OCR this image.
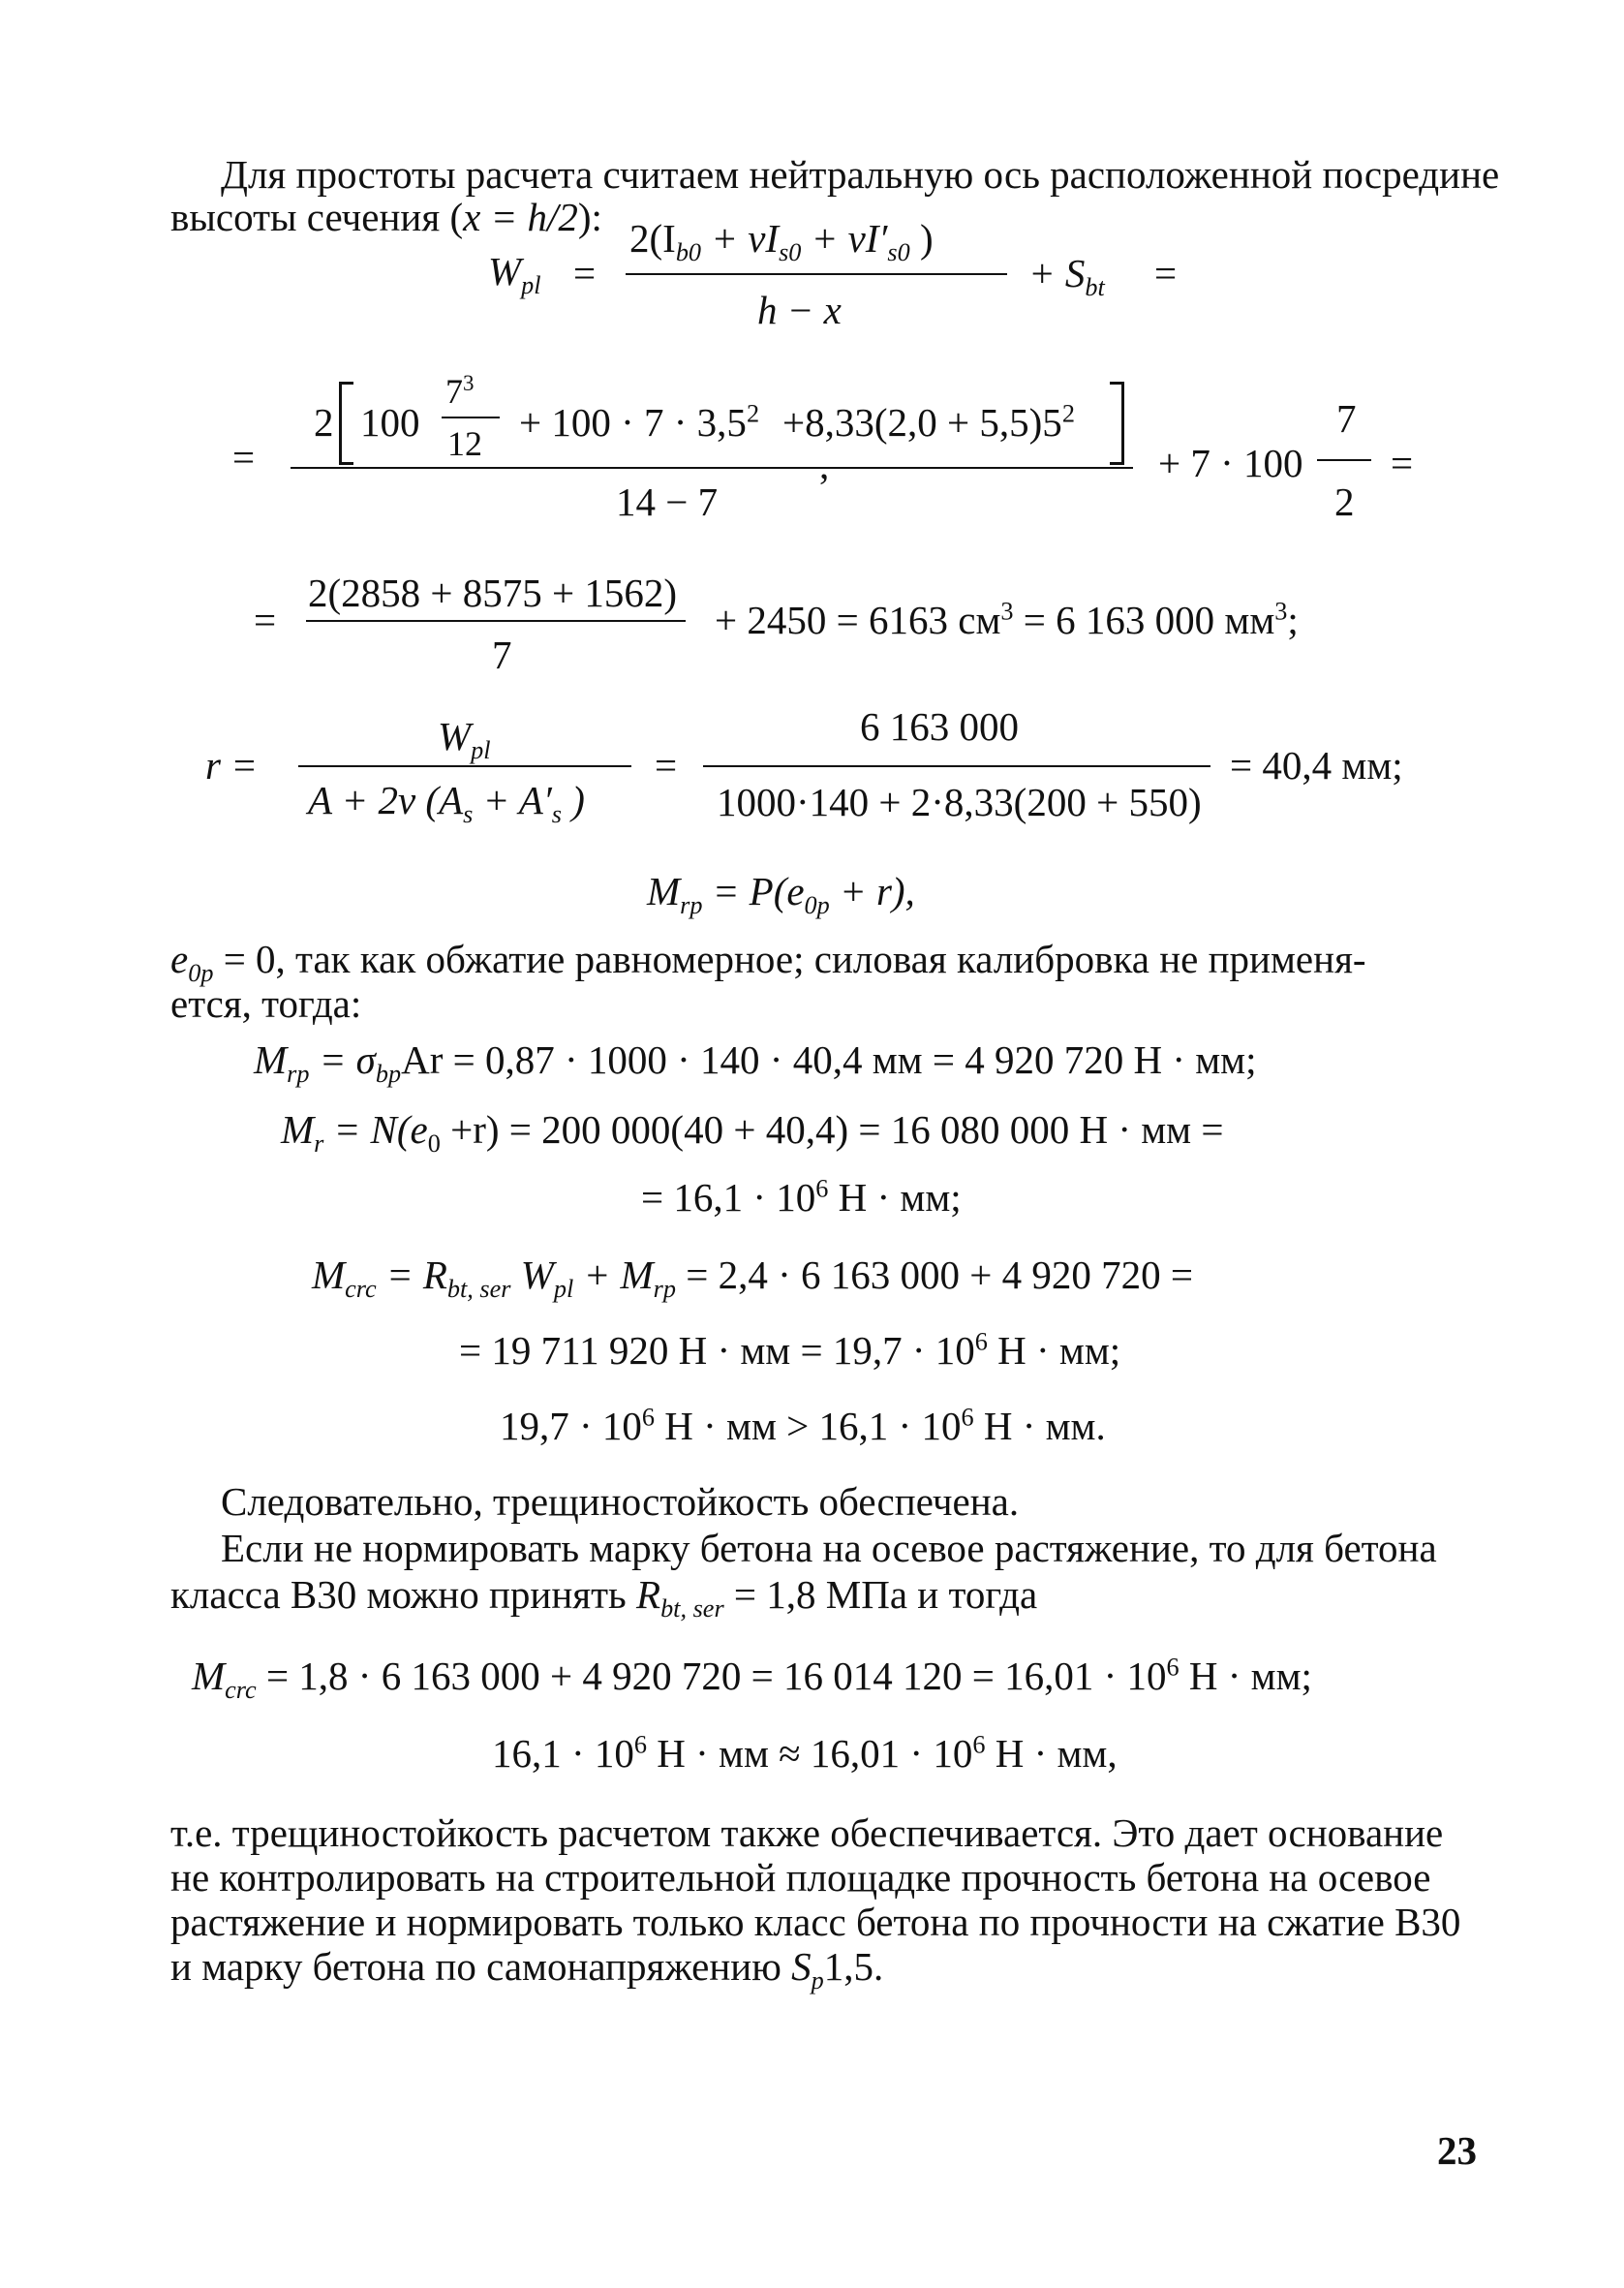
Для простоты расчета считаем нейтральную ось расположенной посредине
высоты сечения (x = h/2):
$W_{pl}$ =
$2(I_{b0} + \nu I_{s0} + \nu I'_{s0}$ )
h − x
+ $S_{bt}$ =
=
2 100
$7^3$
$12 + 100 \cdot 7 \cdot 3,5^2 +8,33(2,0 + 5,5)5^2$
,
14 − 7
+ 7 · 100
7
2
=
=
2(2858 + 8575 + 1562)
7
+ 2450 = 6163 $см^3 = 6$ 163 000 $мм^3$;
r =
$W_{pl}$
A + 2ν ($A_s + A'_s$ )
=
6 163 000
1000·140 + 2·8,33(200 + 550)
= 40,4 мм;
$M_{rp} = P(e_{0p} + r)$,
$e_{0p} = 0$, так как обжатие равномерное; силовая калибровка не применя-
ется, тогда:
$M_{rp} = \sigma_{bp}Ar = 0,87 \cdot 1000 \cdot 140 \cdot 40,4$ мм = 4 920 720 Н · мм;
$M_r = N(e_0 +r) = 200$ 000(40 + 40,4) = 16 080 000 Н · мм =
= $16,1 \cdot 10^6$ Н · мм;
$M_{crc} = R_{bt, ser}$ $W_{pl} + M_{rp} = 2,4 \cdot 6$ 163 000 + 4 920 720 =
= 19 711 920 Н · мм = $19,7 \cdot 10^6$ Н · мм;
$19,7 \cdot 10^6$ Н · мм > $16,1 \cdot 10^6$ Н · мм.
Следовательно, трещиностойкость обеспечена.
Если не нормировать марку бетона на осевое растяжение, то для бетона
класса В30 можно принять $R_{bt, ser} = 1,8$ МПа и тогда
$M_{crc} = 1,8 \cdot 6$ 163 000 + 4 920 720 = 16 014 $120 = 16,01 \cdot 10^6$ Н · мм;
$16,1 \cdot 10^6$ Н · мм ≈ $16,01 \cdot 10^6$ Н · мм,
т.е. трещиностойкость расчетом также обеспечивается. Это дает основание
не контролировать на строительной площадке прочность бетона на осевое
растяжение и нормировать только класс бетона по прочности на сжатие В30
и марку бетона по самонапряжению $S_p1,5$.
23
